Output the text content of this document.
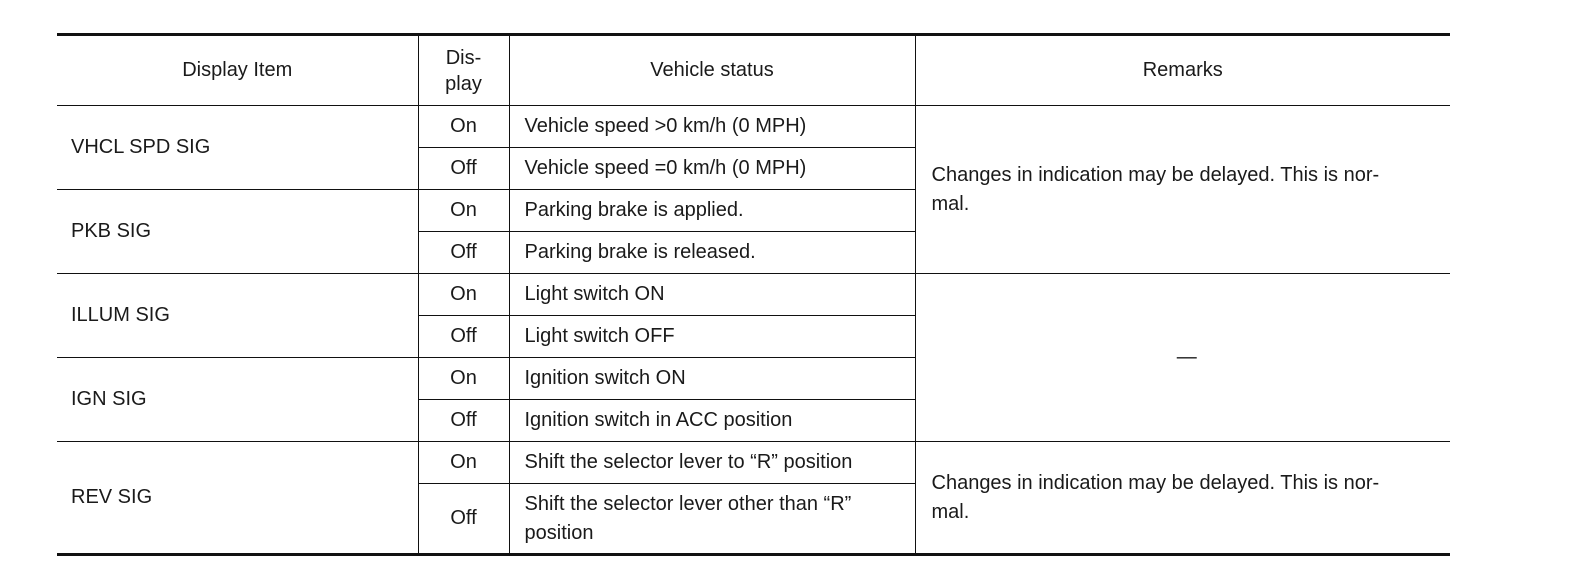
Display Item	Dis-
play	Vehicle status	Remarks
VHCL SPD SIG	On	Vehicle speed >0 km/h (0 MPH)	Changes in indication may be delayed. This is nor-
mal.
	Off	Vehicle speed =0 km/h (0 MPH)	
PKB SIG	On	Parking brake is applied.	
	Off	Parking brake is released.	
ILLUM SIG	On	Light switch ON	—
	Off	Light switch OFF	
IGN SIG	On	Ignition switch ON	
	Off	Ignition switch in ACC position	
REV SIG	On	Shift the selector lever to “R” position	Changes in indication may be delayed. This is nor-
mal.
	Off	Shift the selector lever other than “R” position	
